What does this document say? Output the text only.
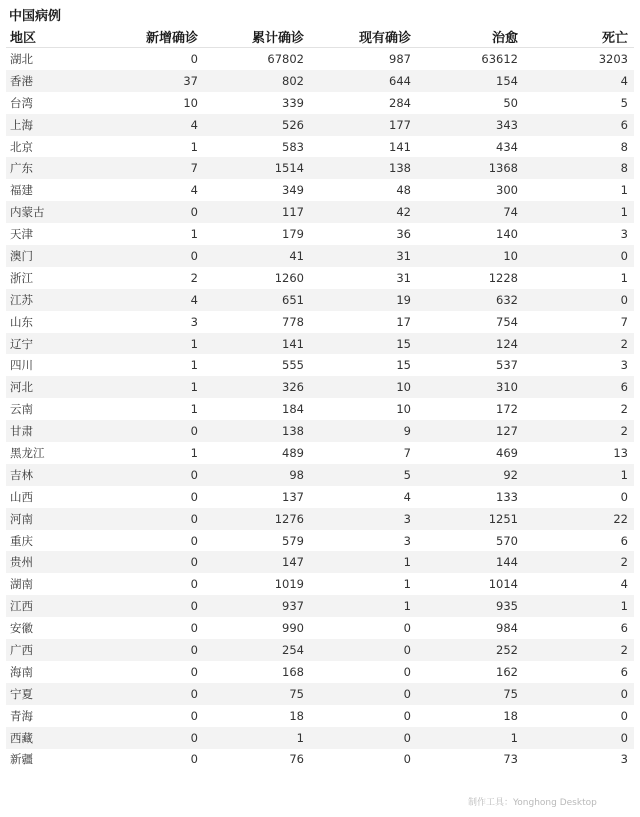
中国病例
地区	新增确诊	累计确诊	现有确诊	治愈	死亡
湖北	0	67802	987	63612	3203
香港	37	802	644	154	4
台湾	10	339	284	50	5
上海	4	526	177	343	6
北京	1	583	141	434	8
广东	7	1514	138	1368	8
福建	4	349	48	300	1
内蒙古	0	117	42	74	1
天津	1	179	36	140	3
澳门	0	41	31	10	0
浙江	2	1260	31	1228	1
江苏	4	651	19	632	0
山东	3	778	17	754	7
辽宁	1	141	15	124	2
四川	1	555	15	537	3
河北	1	326	10	310	6
云南	1	184	10	172	2
甘肃	0	138	9	127	2
黑龙江	1	489	7	469	13
吉林	0	98	5	92	1
山西	0	137	4	133	0
河南	0	1276	3	1251	22
重庆	0	579	3	570	6
贵州	0	147	1	144	2
湖南	0	1019	1	1014	4
江西	0	937	1	935	1
安徽	0	990	0	984	6
广西	0	254	0	252	2
海南	0	168	0	162	6
宁夏	0	75	0	75	0
青海	0	18	0	18	0
西藏	0	1	0	1	0
新疆	0	76	0	73	3
制作工具：Yonghong Desktop
